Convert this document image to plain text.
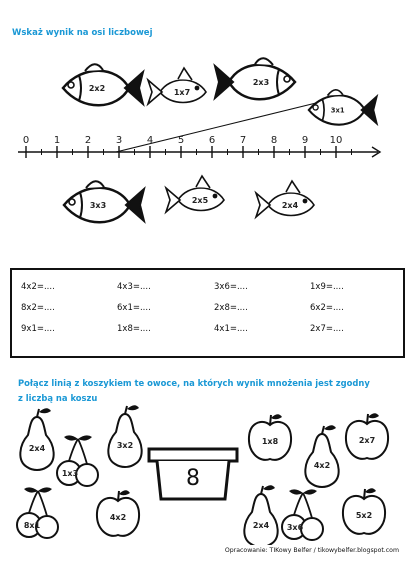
Wskaż wynik na osi liczbowej
0 1 2 3 4 5 6 7 8 9 10
2x2	1x7
2x3
3x1
3x3
2x5
2x4
4x2=....	4x3=....	3x6=....	1x9=....
8x2=....	6x1=....	2x8=....	6x2=....
9x1=....	1x8=....	4x1=....	2x7=....
Połącz linią z koszykiem te owoce, na których wynik mnożenia jest zgodny
z liczbą na koszu
8
2x4
1x3
3x2
8x1
4x2
1x8
4x2
2x7
2x4 3x6
5x2
Opracowanie: TIKowy Belfer / tikowybelfer.blogspot.com
